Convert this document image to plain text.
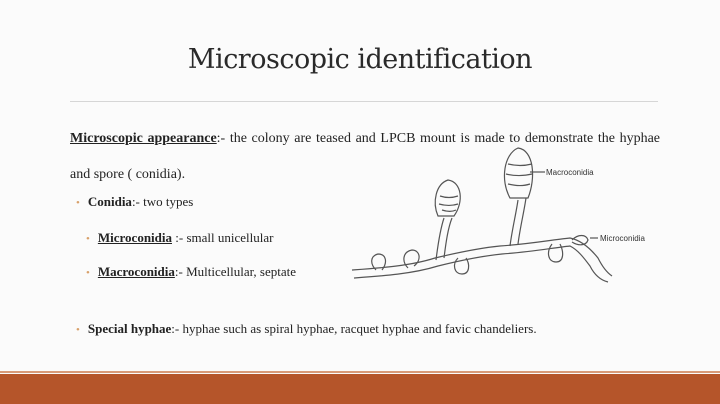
Microscopic identification
Microscopic appearance:- the colony are teased and LPCB mount is made to demonstrate the hyphae and spore ( conidia).
• Conidia:- two types
• Microconidia :- small unicellular
• Macroconidia:- Multicellular, septate
• Special hyphae:- hyphae such as spiral hyphae, racquet hyphae and favic chandeliers.
Macroconidia
Microconidia
